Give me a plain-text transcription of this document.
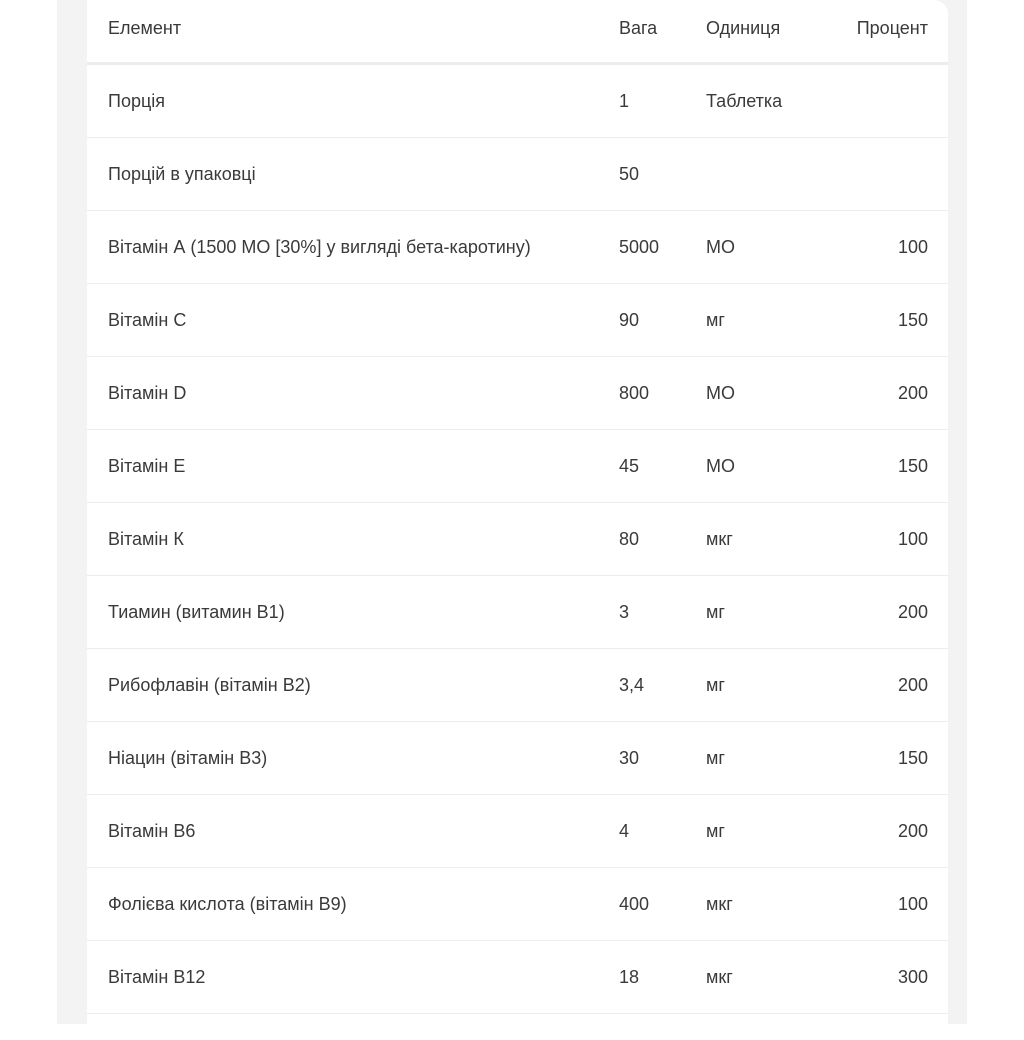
Елемент	Вага	Одиниця	Процент
Порція	1	Таблетка	
Порцій в упаковці	50		
Вітамін А (1500 МО [30%] у вигляді бета-каротину)	5000	МО	100
Вітамін С	90	мг	150
Вітамін D	800	МО	200
Вітамін Е	45	МО	150
Вітамін К	80	мкг	100
Тиамин (витамин B1)	3	мг	200
Рибофлавін (вітамін B2)	3,4	мг	200
Ніацин (вітамін B3)	30	мг	150
Вітамін B6	4	мг	200
Фолієва кислота (вітамін B9)	400	мкг	100
Вітамін B12	18	мкг	300
